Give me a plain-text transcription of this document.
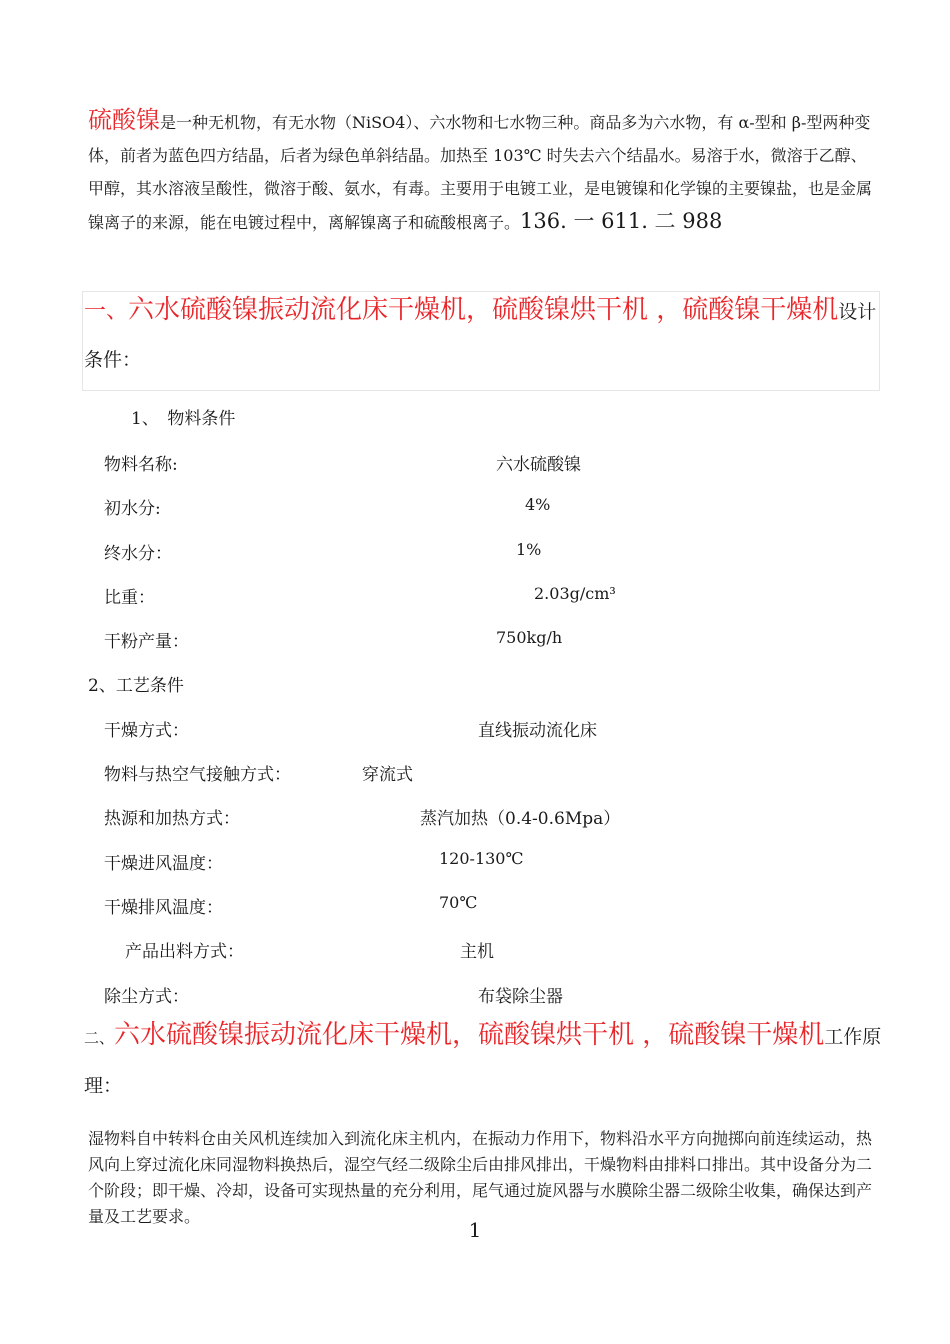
硫酸镍是一种无机物，有无水物（NiSO4）、六水物和七水物三种。商品多为六水物，有 α-型和 β-型两种变体，前者为蓝色四方结晶，后者为绿色单斜结晶。加热至 103℃ 时失去六个结晶水。易溶于水，微溶于乙醇、甲醇，其水溶液呈酸性，微溶于酸、氨水，有毒。主要用于电镀工业，是电镀镍和化学镍的主要镍盐，也是金属镍离子的来源，能在电镀过程中，离解镍离子和硫酸根离子。136. 一 611. 二 988
一、六水硫酸镍振动流化床干燥机，硫酸镍烘干机 ，硫酸镍干燥机设计条件：
1、　物料条件
物料名称:	六水硫酸镍
初水分:	4%
终水分：	1%
比重：	2.03g/cm³
干粉产量：	750kg/h
2、工艺条件
干燥方式：	直线振动流化床
物料与热空气接触方式：	穿流式
热源和加热方式：	蒸汽加热（0.4-0.6Mpa）
干燥进风温度：	120-130℃
干燥排风温度：	70℃
产品出料方式：	主机
除尘方式：	布袋除尘器
二、六水硫酸镍振动流化床干燥机，硫酸镍烘干机 ，硫酸镍干燥机工作原理：
湿物料自中转料仓由关风机连续加入到流化床主机内，在振动力作用下，物料沿水平方向抛掷向前连续运动，热风向上穿过流化床同湿物料换热后，湿空气经二级除尘后由排风排出，干燥物料由排料口排出。其中设备分为二个阶段；即干燥、冷却，设备可实现热量的充分利用，尾气通过旋风器与水膜除尘器二级除尘收集，确保达到产量及工艺要求。
1
